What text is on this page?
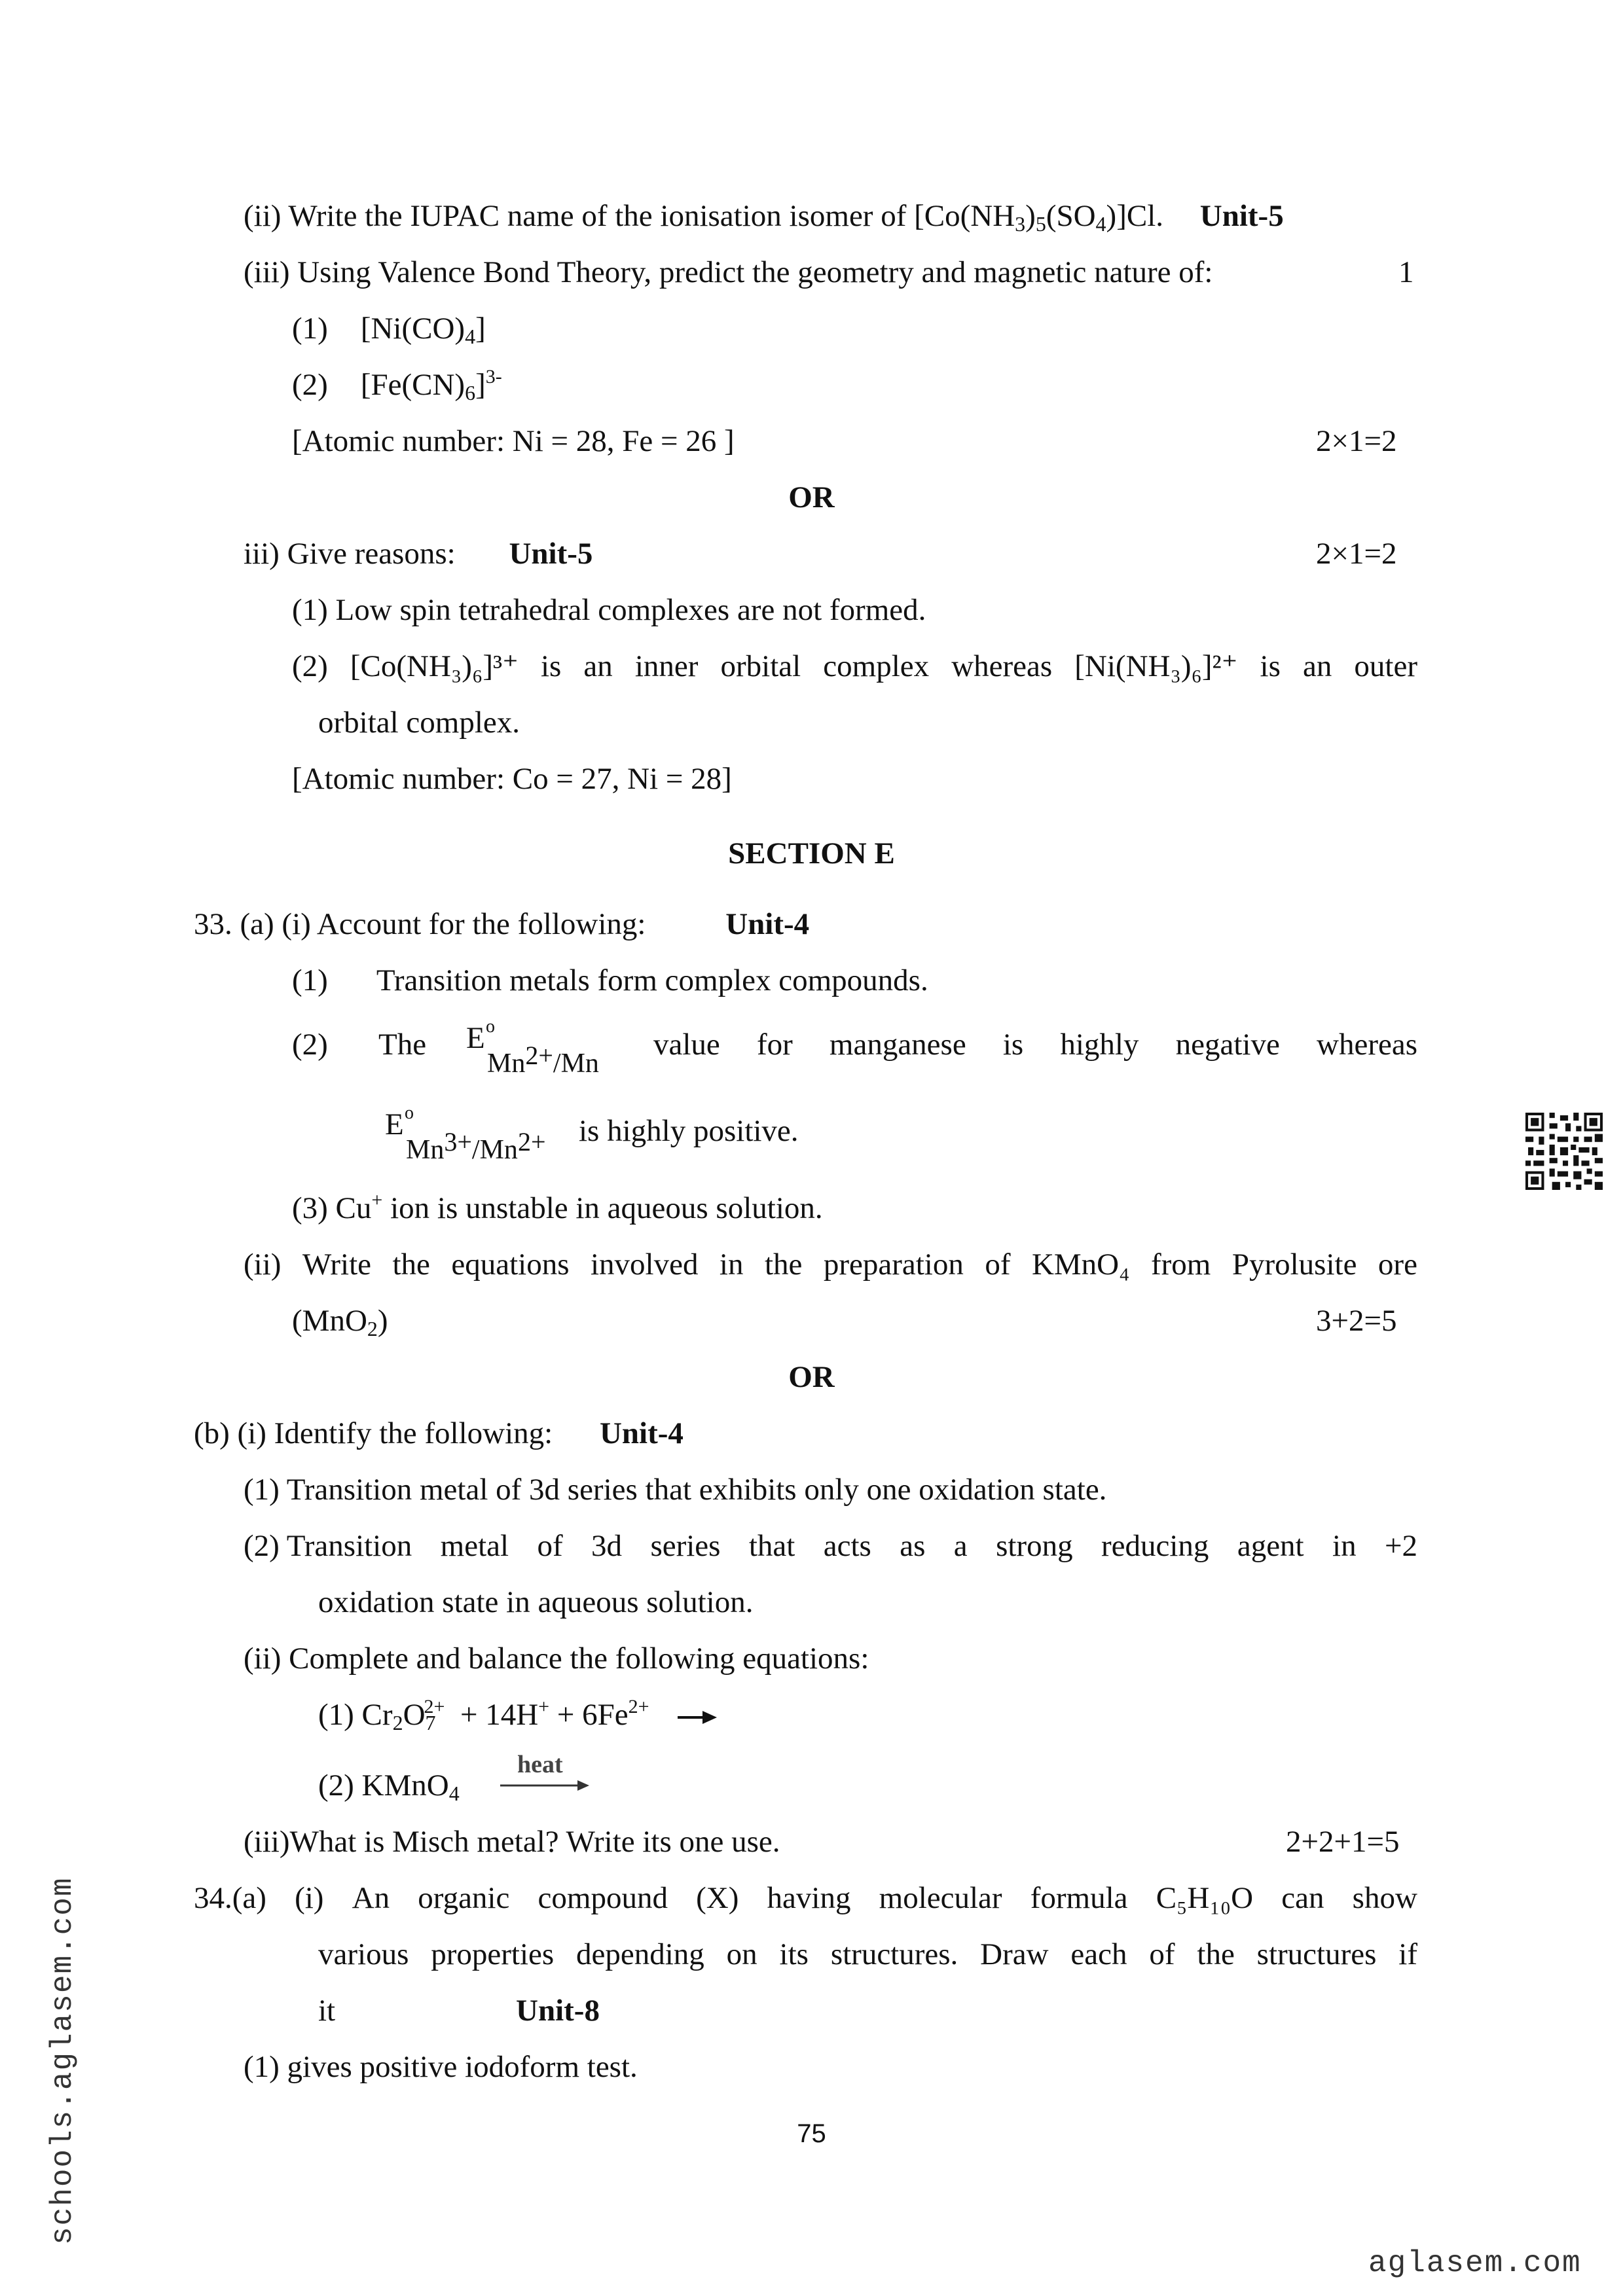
(ii) Write the IUPAC name of the ionisation isomer of $[Co(NH_3)_5(SO_4)]Cl$. Unit-5
(iii) Using Valence Bond Theory, predict the geometry and magnetic nature of:	1
(1) $[Ni(CO)_4]$
(2) $[Fe(CN)_6]^{3-}$
[Atomic number: Ni = 28, Fe = 26 ]	2×1=2
OR
iii) Give reasons: Unit-5	2×1=2
(1) Low spin tetrahedral complexes are not formed.
(2) [Co(NH₃)₆]³⁺ is an inner orbital complex whereas [Ni(NH₃)₆]²⁺ is an outer
orbital complex.
[Atomic number: Co = 27, Ni = 28]
SECTION E
33. (a) (i) Account for the following:	Unit-4
(1) Transition metals form complex compounds.
(2) The E o
Mn2+/Mn
value for manganese is highly negative whereas
E o
Mn3+/Mn2+ is highly positive.
(3) Cu+ ion is unstable in aqueous solution.
(ii) Write the equations involved in the preparation of KMnO₄ from Pyrolusite ore
(MnO$_2$)	3+2=5
OR
(b) (i) Identify the following: Unit-4
(1) Transition metal of 3d series that exhibits only one oxidation state.
(2) Transition metal of 3d series that acts as a strong reducing agent in +2
oxidation state in aqueous solution.
(ii) Complete and balance the following equations:
(1) $Cr_2O_7^{2+} + 14H^+ + 6Fe^{2+}$
(2) KMnO$_4$
heat
(iii)What is Misch metal? Write its one use.	2+2+1=5
34.(a) (i) An organic compound (X) having molecular formula C₅H₁₀O can show
various properties depending on its structures. Draw each of the structures if
it	Unit-8
(1) gives positive iodoform test.
75
schools.aglasem.com
aglasem.com
